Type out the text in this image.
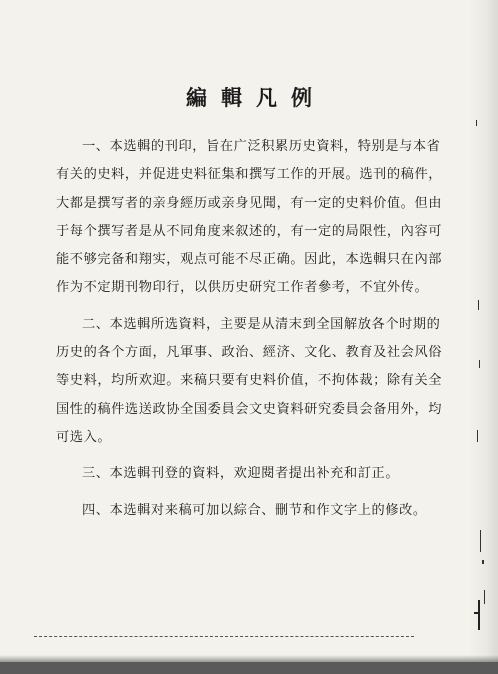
編輯凡例
一、本选輯的刊印，旨在广泛积累历史資料，特别是与本省
有关的史料，并促进史料征集和撰写工作的开展。选刊的稿件，
大都是撰写者的亲身經历或亲身见聞，有一定的史料价值。但由
于每个撰写者是从不同角度来叙述的，有一定的局限性，內容可
能不够完备和翔实，观点可能不尽正确。因此，本选輯只在內部
作为不定期刊物印行，以供历史研究工作者參考，不宜外传。
二、本选輯所选資料，主要是从清末到全国解放各个时期的
历史的各个方面，凡軍事、政治、經济、文化、教育及社会风俗
等史料，均所欢迎。来稿只要有史料价值，不拘体裁；除有关全
国性的稿件选送政协全国委員会文史資料研究委員会备用外，均
可选入。
三、本选輯刊登的資料，欢迎閱者提出补充和訂正。
四、本选輯对来稿可加以綜合、刪节和作文字上的修改。
